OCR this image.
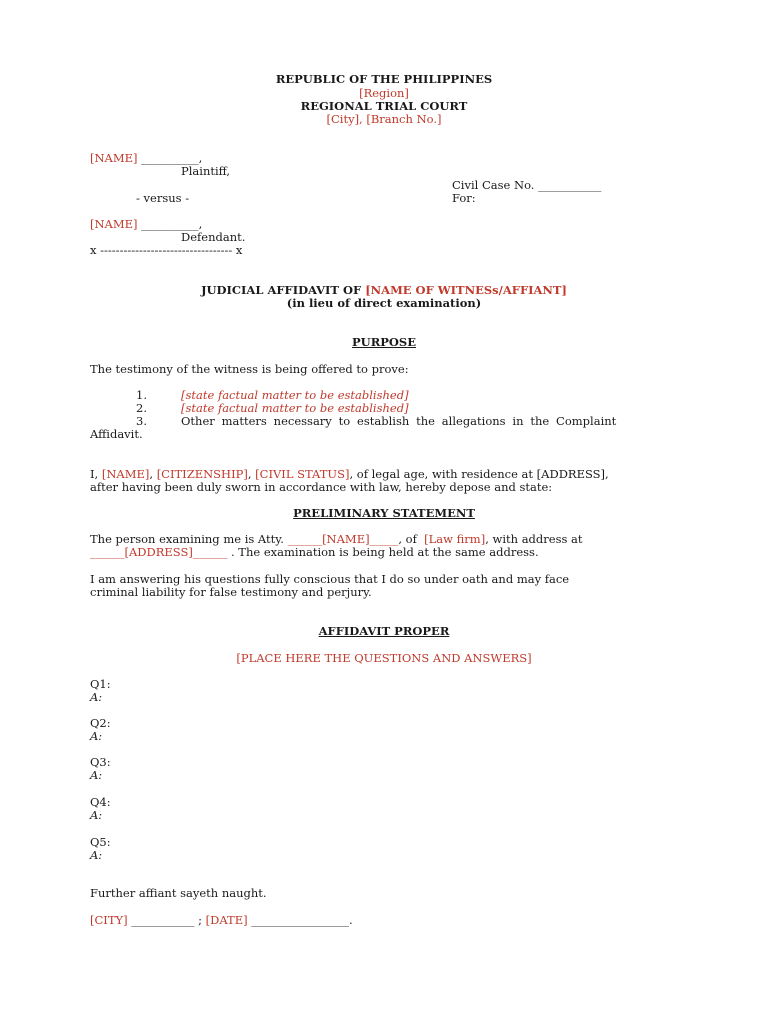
REPUBLIC OF THE PHILIPPINES
[Region]
REGIONAL TRIAL COURT
[City], [Branch No.]
[NAME] __________,
Plaintiff,
Civil Case No. ___________
- versus -	For:
[NAME] __________,
Defendant.
x ---------------------------------- x
JUDICIAL AFFIDAVIT OF [NAME OF WITNESs/AFFIANT]
(in lieu of direct examination)
PURPOSE
The testimony of the witness is being offered to prove:
1.	[state factual matter to be established]
2.	[state factual matter to be established]
3.	Other matters necessary to establish the allegations in the Complaint
Affidavit.
I, [NAME], [CITIZENSHIP], [CIVIL STATUS], of legal age, with residence at [ADDRESS],
after having been duly sworn in accordance with law, hereby depose and state:
PRELIMINARY STATEMENT
The person examining me is Atty. ______[NAME]_____, of  [Law firm], with address at
______[ADDRESS]______ . The examination is being held at the same address.
I am answering his questions fully conscious that I do so under oath and may face
criminal liability for false testimony and perjury.
AFFIDAVIT PROPER
[PLACE HERE THE QUESTIONS AND ANSWERS]
Q1:
A:
Q2:
A:
Q3:
A:
Q4:
A:
Q5:
A:
Further affiant sayeth naught.
[CITY] ___________ ; [DATE] _________________.
